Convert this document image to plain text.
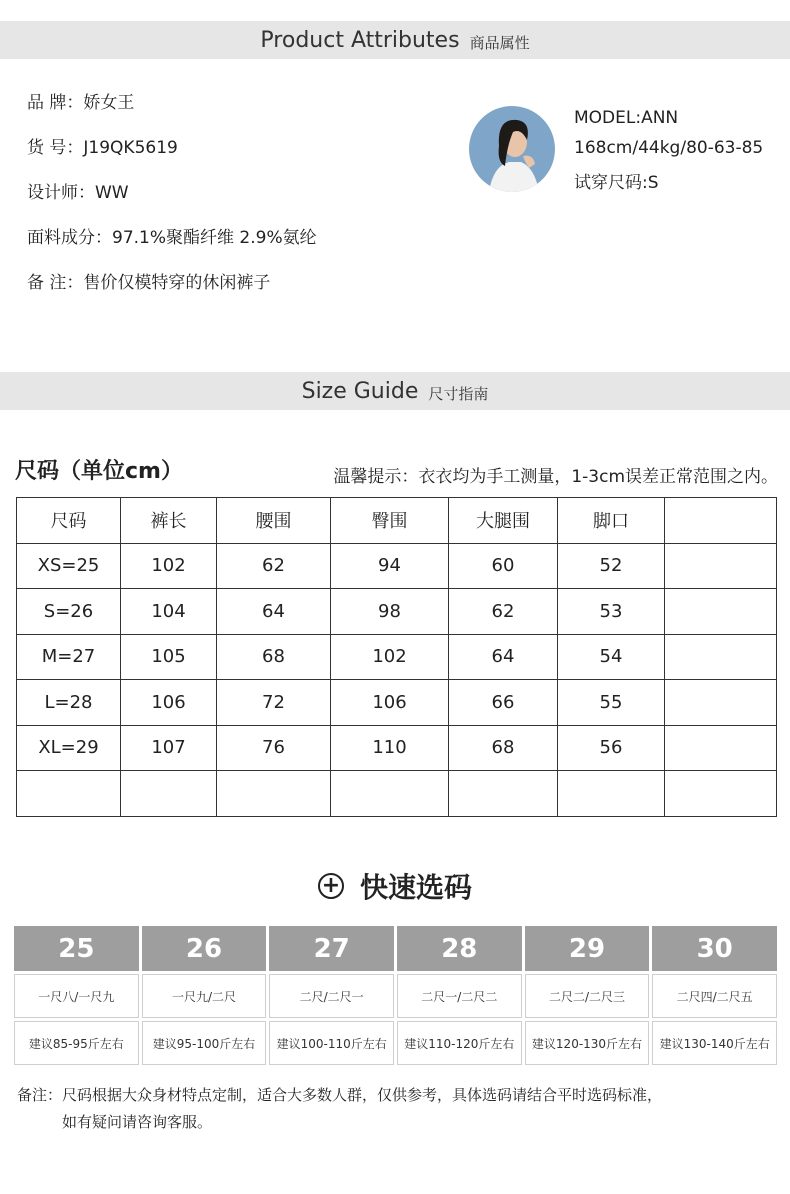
Product Attributes 商品属性
品 牌：娇女王
货 号：J19QK5619
设计师：WW
面料成分：97.1%聚酯纤维 2.9%氨纶
备 注：售价仅模特穿的休闲裤子
MODEL:ANN
168cm/44kg/80-63-85
试穿尺码:S
Size Guide 尺寸指南
尺码（单位cm）	温馨提示：衣衣均为手工测量，1-3cm误差正常范围之内。
尺码	裤长	腰围	臀围	大腿围	脚口	
XS=25	102	62	94	60	52	
S=26	104	64	98	62	53	
M=27	105	68	102	64	54	
L=28	106	72	106	66	55	
XL=29	107	76	110	68	56	

+ 快速选码
25	26	27	28	29	30
一尺八/一尺九	一尺九/二尺	二尺/二尺一	二尺一/二尺二	二尺二/二尺三	二尺四/二尺五
建议85-95斤左右	建议95-100斤左右	建议100-110斤左右	建议110-120斤左右	建议120-130斤左右	建议130-140斤左右
备注：尺码根据大众身材特点定制，适合大多数人群，仅供参考，具体选码请结合平时选码标准，
如有疑问请咨询客服。
